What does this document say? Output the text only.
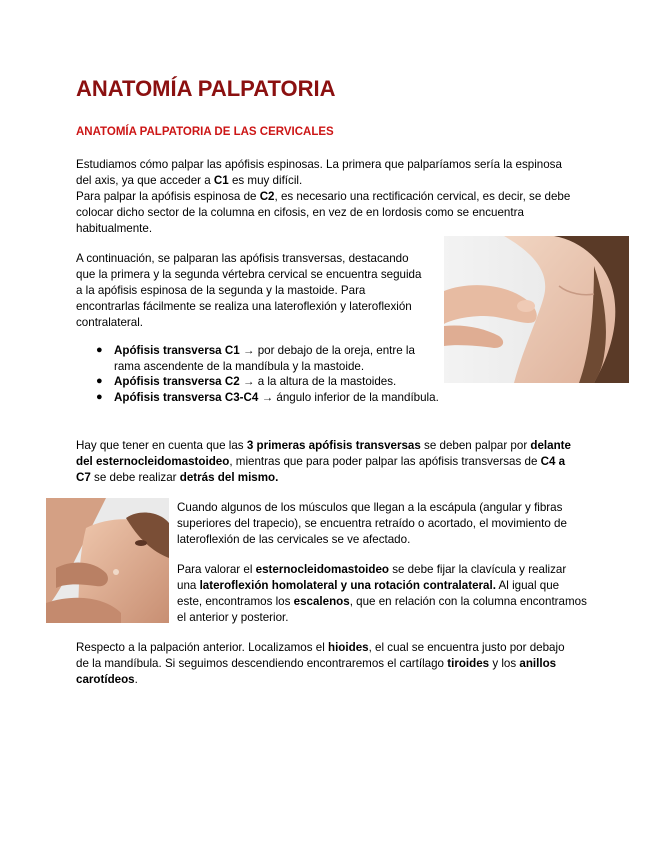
ANATOMÍA PALPATORIA
ANATOMÍA PALPATORIA DE LAS CERVICALES

Estudiamos cómo palpar las apófisis espinosas. La primera que palparíamos sería la espinosa del axis, ya que acceder a C1 es muy difícil.
Para palpar la apófisis espinosa de C2, es necesario una rectificación cervical, es decir, se debe colocar dicho sector de la columna en cifosis, en vez de en lordosis como se encuentra habitualmente.

A continuación, se palparan las apófisis transversas, destacando que la primera y la segunda vértebra cervical se encuentra seguida a la apófisis espinosa de la segunda y la mastoide. Para encontrarlas fácilmente se realiza una lateroflexión y lateroflexión contralateral.

● Apófisis transversa C1 → por debajo de la oreja, entre la rama ascendente de la mandíbula y la mastoide.
● Apófisis transversa C2 → a la altura de la mastoides.
● Apófisis transversa C3-C4 → ángulo inferior de la mandíbula.

Hay que tener en cuenta que las 3 primeras apófisis transversas se deben palpar por delante del esternocleidomastoideo, mientras que para poder palpar las apófisis transversas de C4 a C7 se debe realizar detrás del mismo.

Cuando algunos de los músculos que llegan a la escápula (angular y fibras superiores del trapecio), se encuentra retraído o acortado, el movimiento de lateroflexión de las cervicales se ve afectado.

Para valorar el esternocleidomastoideo se debe fijar la clavícula y realizar una lateroflexión homolateral y una rotación contralateral. Al igual que este, encontramos los escalenos, que en relación con la columna encontramos el anterior y posterior.

Respecto a la palpación anterior. Localizamos el hioides, el cual se encuentra justo por debajo de la mandíbula. Si seguimos descendiendo encontraremos el cartílago tiroides y los anillos carotídeos.
